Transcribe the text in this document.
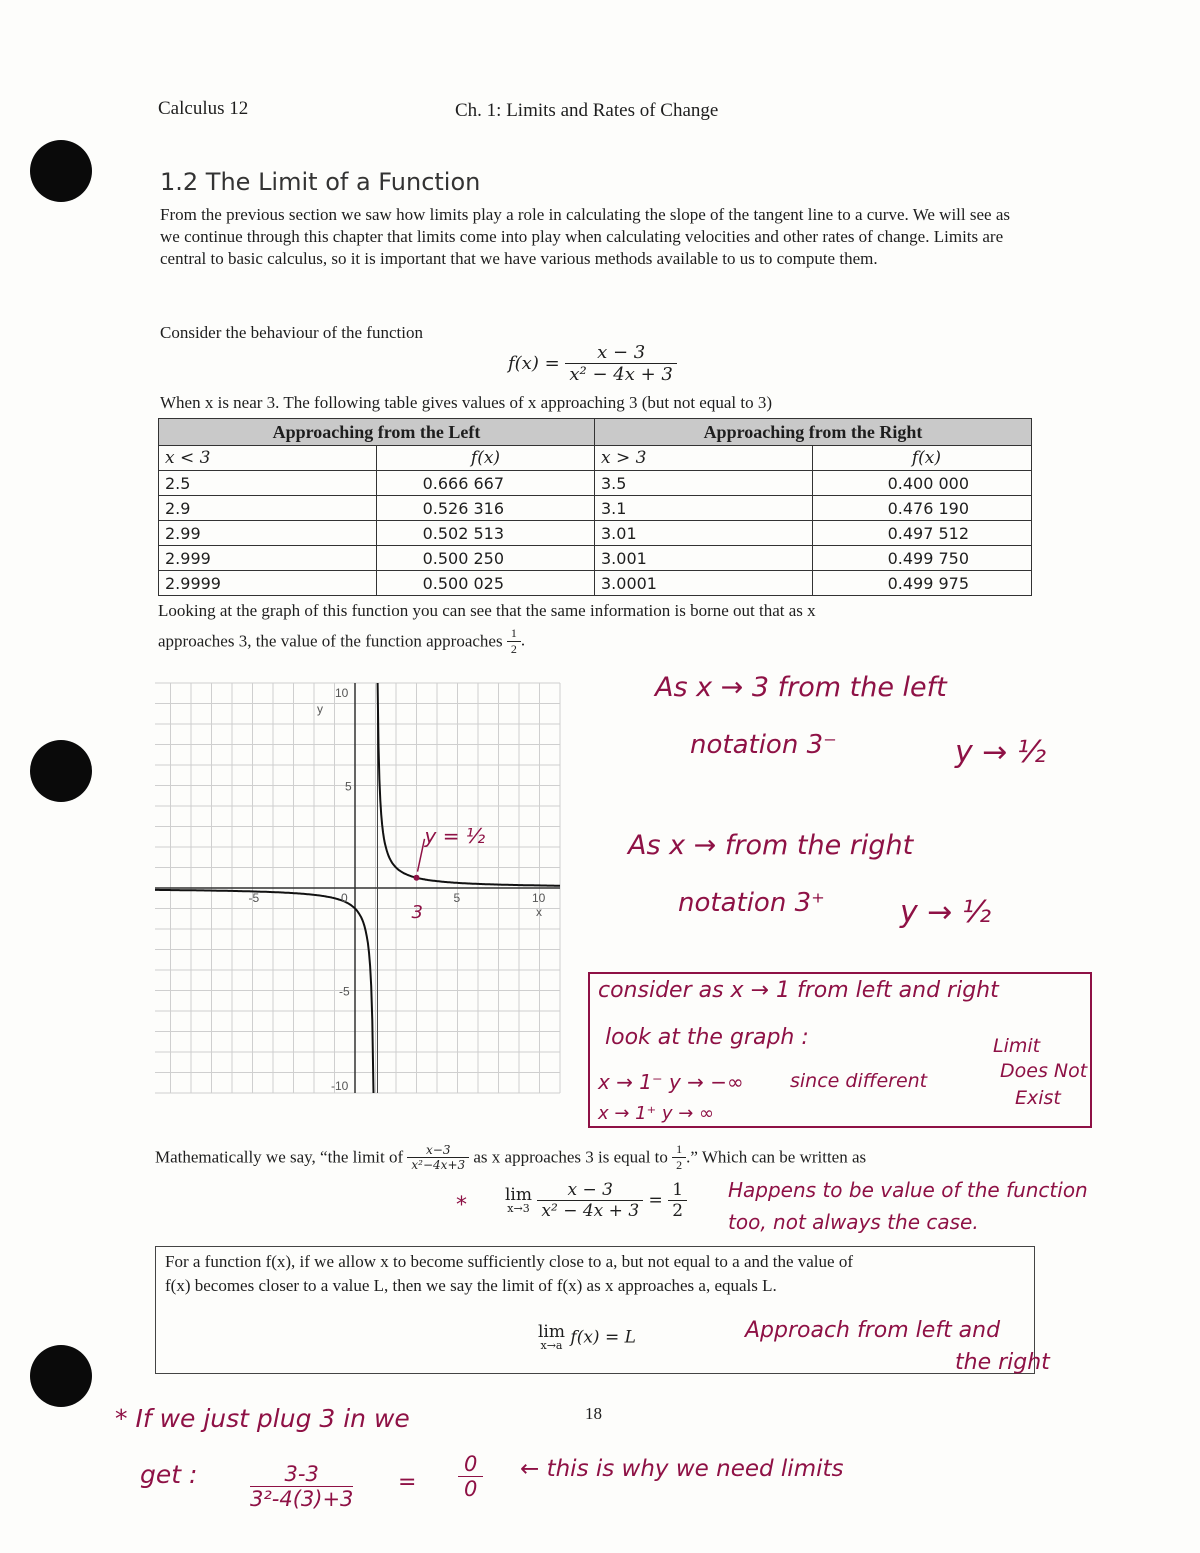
Calculus 12	Ch. 1: Limits and Rates of Change
1.2 The Limit of a Function
From the previous section we saw how limits play a role in calculating the slope of the tangent line to a curve. We will see as we continue through this chapter that limits come into play when calculating velocities and other rates of change. Limits are central to basic calculus, so it is important that we have various methods available to us to compute them.
Consider the behaviour of the function
$f(x) = \frac{x - 3}{\text{x² − 4x + 3}}$
When x is near 3. The following table gives values of x approaching 3 (but not equal to 3)
Approaching from the Left		Approaching from the Right	
x < 3	f(x)	x > 3	f(x)
2.5	0.666 667	3.5	0.400 000
2.9	0.526 316	3.1	0.476 190
2.99	0.502 513	3.01	0.497 512
2.999	0.500 250	3.001	0.499 750
2.9999	0.500 025	3.0001	0.499 975
Looking at the graph of this function you can see that the same information is borne out that as x
approaches 3, the value of the function approaches $\frac{1}{2}$ .
-5	0	5	10
10
5
-5
-10
x
y
3
y = ½
As x → 3 from the left
notation 3⁻	y → ½
As x → from the right
notation 3⁺	y → ½
consider as x → 1 from left and right
look at the graph :
x → 1⁻ y → −∞
x → 1⁺ y → ∞
since different
Limit
Does Not
Exist
Mathematically we say, “the limit of $\frac{x-3}{\text{x²−4x+3}}$ as x approaches 3 is equal to $\frac{1}{2}$ .” Which can be written as
* lim
x→3
$\frac{x - 3}{\text{x² − 4x + 3}} = \frac{1}{2}$ Happens to be value of the function
too, not always the case.
For a function f(x), if we allow x to become sufficiently close to a, but not equal to a and the value of
f(x) becomes closer to a value L, then we say the limit of f(x) as x approaches a, equals L.
lim
x→a f(x) = L	Approach from left and
the right
18
* If we just plug 3 in we
get :	$\frac{3-3}{\text{3²-4(3)+3}} = \frac{0}{0}$ ← this is why we need limits
